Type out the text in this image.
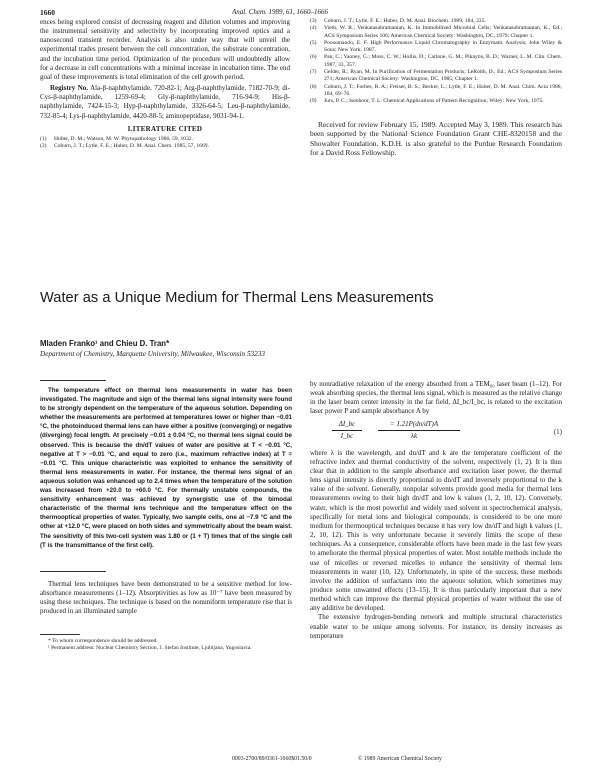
1660	Anal. Chem. 1989, 61, 1660–1666

ences being explored consist of decreasing reagent and dilution volumes and improving the instrumental sensitivity and selectivity by incorporating improved optics and a nanosecond transient recorder. Analysis is also under way that will unveil the experimental trades present between the cell concentration, the substrate concentration, and the incubation time period. Optimization of the procedure will undoubtedly allow for a decrease in cell concentrations with a minimal increase in incubation time. The end goal of these improvements is total elimination of the cell growth period.

Registry No. Ala-β-naphthylamide, 720-82-1; Arg-β-naphthylamide, 7182-70-9; di-Cys-β-naphthylamide, 1259-69-4; Gly-β-naphthylamide, 716-94-9; His-β-naphthylamide, 7424-15-3; Hyp-β-naphthylamide, 3326-64-5; Leu-β-naphthylamide, 732-85-4; Lys-β-naphthylamide, 4420-88-5; aminopeptidase, 9031-94-1.

LITERATURE CITED
(1)	Huber, D. M.; Watson, M. W. Phytopathology 1986, 59, 1032.
(2)	Coburn, J. T.; Lytle, F. E.; Huber, D. M. Anal. Chem. 1985, 57, 1669.
(3)	Coburn, J. T.; Lytle, F. E.; Huber, D. M. Anal. Biochem. 1989, 184, 335.
(4)	Vieth, W. R.; Venkatasubramanian, K. In Immobilized Microbial Cells; Venkatasubramanian, K., Ed.; ACS Symposium Series 106; American Chemical Society: Washington, DC, 1979; Chapter 1.
(5)	Poosomando, E. F. High Performance Liquid Chromatography in Enzymatic Analysis; John Wiley & Sons: New York, 1987.
(6)	Pan, C.; Yaoney, G.; Moss, C. W.; Hollis, D.; Carlone, G. M.; Pikaytis, B. D.; Warner, L. M. Clin. Chem. 1987, 33, 357.
(7)	Gelder, R.; Ryan, M. In Purification of Fermentation Products; LeRoith, D., Ed.; ACS Symposium Series 271; American Chemical Society: Washington, DC, 1985; Chapter 1.
(8)	Coburn, J. T.; Forbes, R. A.; Freiser, B. S.; Becker, L.; Lytle, F. E.; Huber, D. M. Anal. Chim. Acta 1988, 184, 69–76.
(9)	Jurs, P. C.; Isenhour, T. L. Chemical Applications of Pattern Recognition; Wiley: New York, 1975.

Received for review February 15, 1989. Accepted May 3, 1989. This research has been supported by the National Science Foundation Grant CHE-8320158 and the Showalter Foundation. K.D.H. is also grateful to the Purdue Research Foundation for a David Ross Fellowship.

Water as a Unique Medium for Thermal Lens Measurements
Mladen Franko¹ and Chieu D. Tran*
Department of Chemistry, Marquette University, Milwaukee, Wisconsin 53233
The temperature effect on thermal lens measurements in water has been investigated. The magnitude and sign of the thermal lens signal intensity were found to be strongly dependent on the temperature of the aqueous solution. Depending on whether the measurements are performed at temperatures lower or higher than −0.01 °C, the photoinduced thermal lens can have either a positive (converging) or negative (diverging) focal length. At precisely −0.01 ± 0.04 °C, no thermal lens signal could be observed. This is because the dn/dT values of water are positive at T < −0.01 °C, negative at T > −0.01 °C, and equal to zero (i.e., maximum refractive index) at T = −0.01 °C. This unique characteristic was exploited to enhance the sensitivity of thermal lens measurements in water. For instance, the thermal lens signal of an aqueous solution was enhanced up to 2.4 times when the temperature of the solution was increased from +20.0 to +60.0 °C. For thermally unstable compounds, the sensitivity enhancement was achieved by synergistic use of the bimodal characteristic of the thermal lens technique and the temperature effect on the thermooptical properties of water. Typically, two sample cells, one at −7.9 °C and the other at +12.0 °C, were placed on both sides and symmetrically about the beam waist. The sensitivity of this two-cell system was 1.80 or (1 + T) times that of the single cell (T is the transmittance of the first cell).

Thermal lens techniques have been demonstrated to be a sensitive method for low-absorbance measurements (1–12). Absorptivities as low as 10⁻⁷ have been measured by using these techniques. The technique is based on the nonuniform temperature rise that is produced in an illuminated sample

* To whom correspondence should be addressed.
¹ Permanent address: Nuclear Chemistry Section, J. Stefan Institute, Ljubljana, Yugoslavia.

by nonradiative relaxation of the energy absorbed from a TEM₀₀ laser beam (1–12). For weak absorbing species, the thermal lens signal, which is measured as the relative change in the laser beam center intensity in the far field, ΔI_bc/I_bc, is related to the excitation laser power P and sample absorbance A by

ΔI_bc
I_bc
= 1.21P(dn/dT)A
λk
(1)

where λ is the wavelength, and dn/dT and k are the temperature coefficient of the refractive index and thermal conductivity of the solvent, respectively (1, 2). It is thus clear that in addition to the sample absorbance and excitation laser power, the thermal lens signal intensity is directly proportional to dn/dT and inversely proportional to the k value of the solvent. Generally, nonpolar solvents provide good media for thermal lens measurements owing to their high dn/dT and low k values (1, 2, 10, 12). Conversely, water, which is the most powerful and widely used solvent in spectrochemical analysis, specifically for metal ions and biological compounds, is considered to be one more medium for thermooptical techniques because it has very low dn/dT and high k values (1, 2, 10, 12). This is very unfortunate because it severely limits the scope of these techniques. As a consequence, considerable efforts have been made in the last few years to ameliorate the thermal physical properties of water. Most notable methods include the use of micelles or reversed micelles to enhance the sensitivity of thermal lens measurements in water (10, 12). Unfortunately, in spite of the success, these methods involve the addition of surfactants into the aqueous solution, which sometimes may produce some unwanted effects (13–15). It is thus particularly important that a new method which can improve the thermal physical properties of water without the use of any additive be developed.

The extensive hydrogen-bonding network and multiple structural characteristics enable water to be unique among solvents. For instance, its density increases as temperature

0003-2700/89/0361-1660$01.50/0	© 1989 American Chemical Society
